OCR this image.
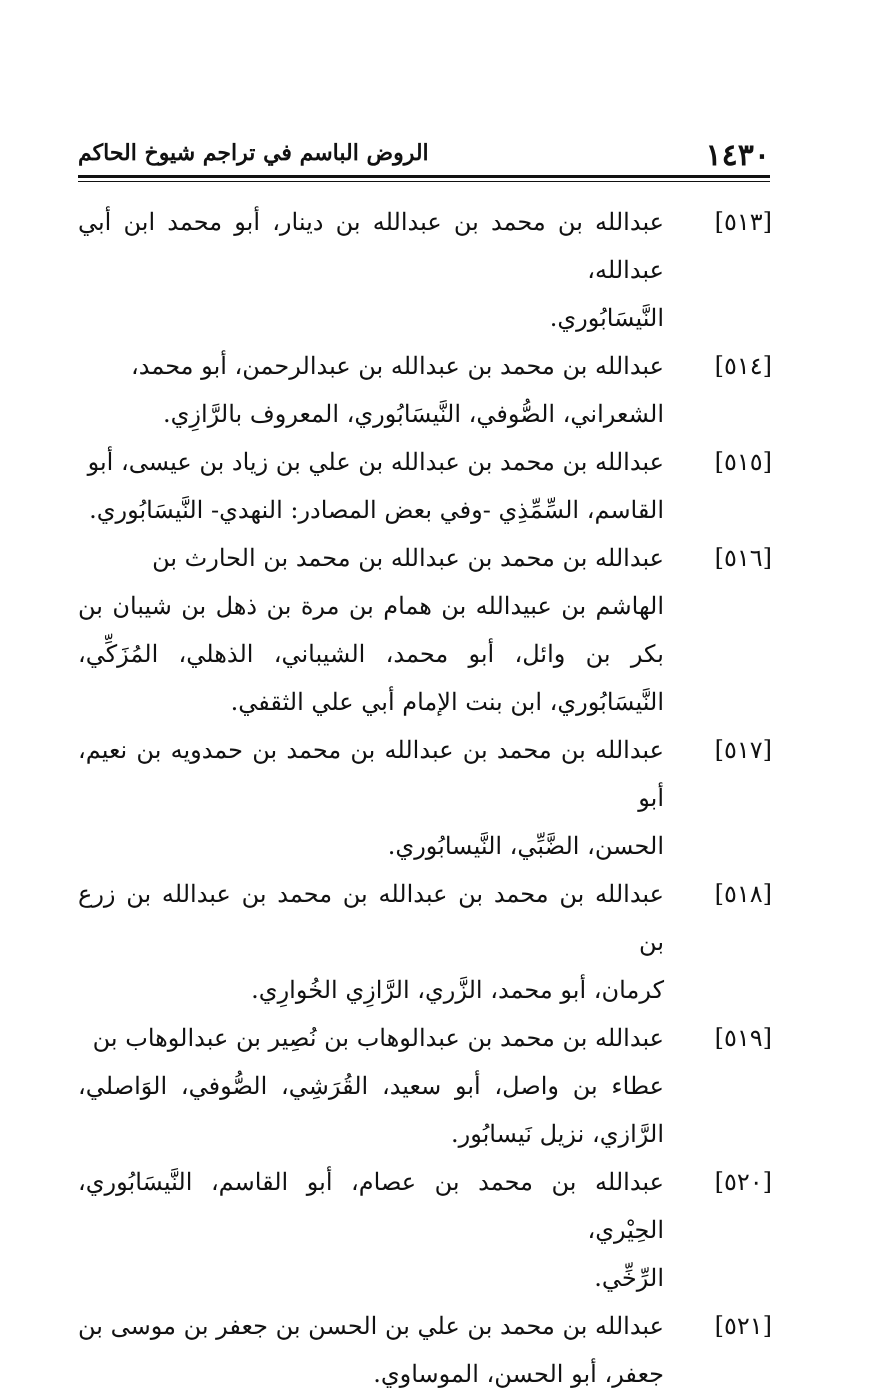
١٤٣٠
الروض الباسم في تراجم شيوخ الحاكم
[٥١٣]
عبدالله بن محمد بن عبدالله بن دينار، أبو محمد ابن أبي عبدالله،
النَّيسَابُوري.
[٥١٤]
عبدالله بن محمد بن عبدالله بن عبدالرحمن، أبو محمد،
الشعراني، الصُّوفي، النَّيسَابُوري، المعروف بالرَّازِي.
[٥١٥]
عبدالله بن محمد بن عبدالله بن علي بن زياد بن عيسى، أبو
القاسم، السِّمِّذِي -وفي بعض المصادر: النهدي- النَّيسَابُوري.
[٥١٦]
عبدالله بن محمد بن عبدالله بن محمد بن الحارث بن
الهاشم بن عبيدالله بن همام بن مرة بن ذهل بن شيبان بن بكر بن وائل، أبو محمد، الشيباني، الذهلي، المُزَكِّي، النَّيسَابُوري، ابن بنت الإمام أبي علي الثقفي.
[٥١٧]
عبدالله بن محمد بن عبدالله بن محمد بن حمدويه بن نعيم، أبو
الحسن، الضَّبِّي، النَّيسابُوري.
[٥١٨]
عبدالله بن محمد بن عبدالله بن محمد بن عبدالله بن زرع بن
كرمان، أبو محمد، الزَّري، الرَّازِي الخُوارِي.
[٥١٩]
عبدالله بن محمد بن عبدالوهاب بن نُصِير بن عبدالوهاب بن
عطاء بن واصل، أبو سعيد، القُرَشِي، الصُّوفي، الوَاصلي، الرَّازي، نزيل نَيسابُور.
[٥٢٠]
عبدالله بن محمد بن عصام، أبو القاسم، النَّيسَابُوري، الحِيْري،
الرِّخِّي.
[٥٢١]
عبدالله بن محمد بن علي بن الحسن بن جعفر بن موسى بن
جعفر، أبو الحسن، الموساوي.
